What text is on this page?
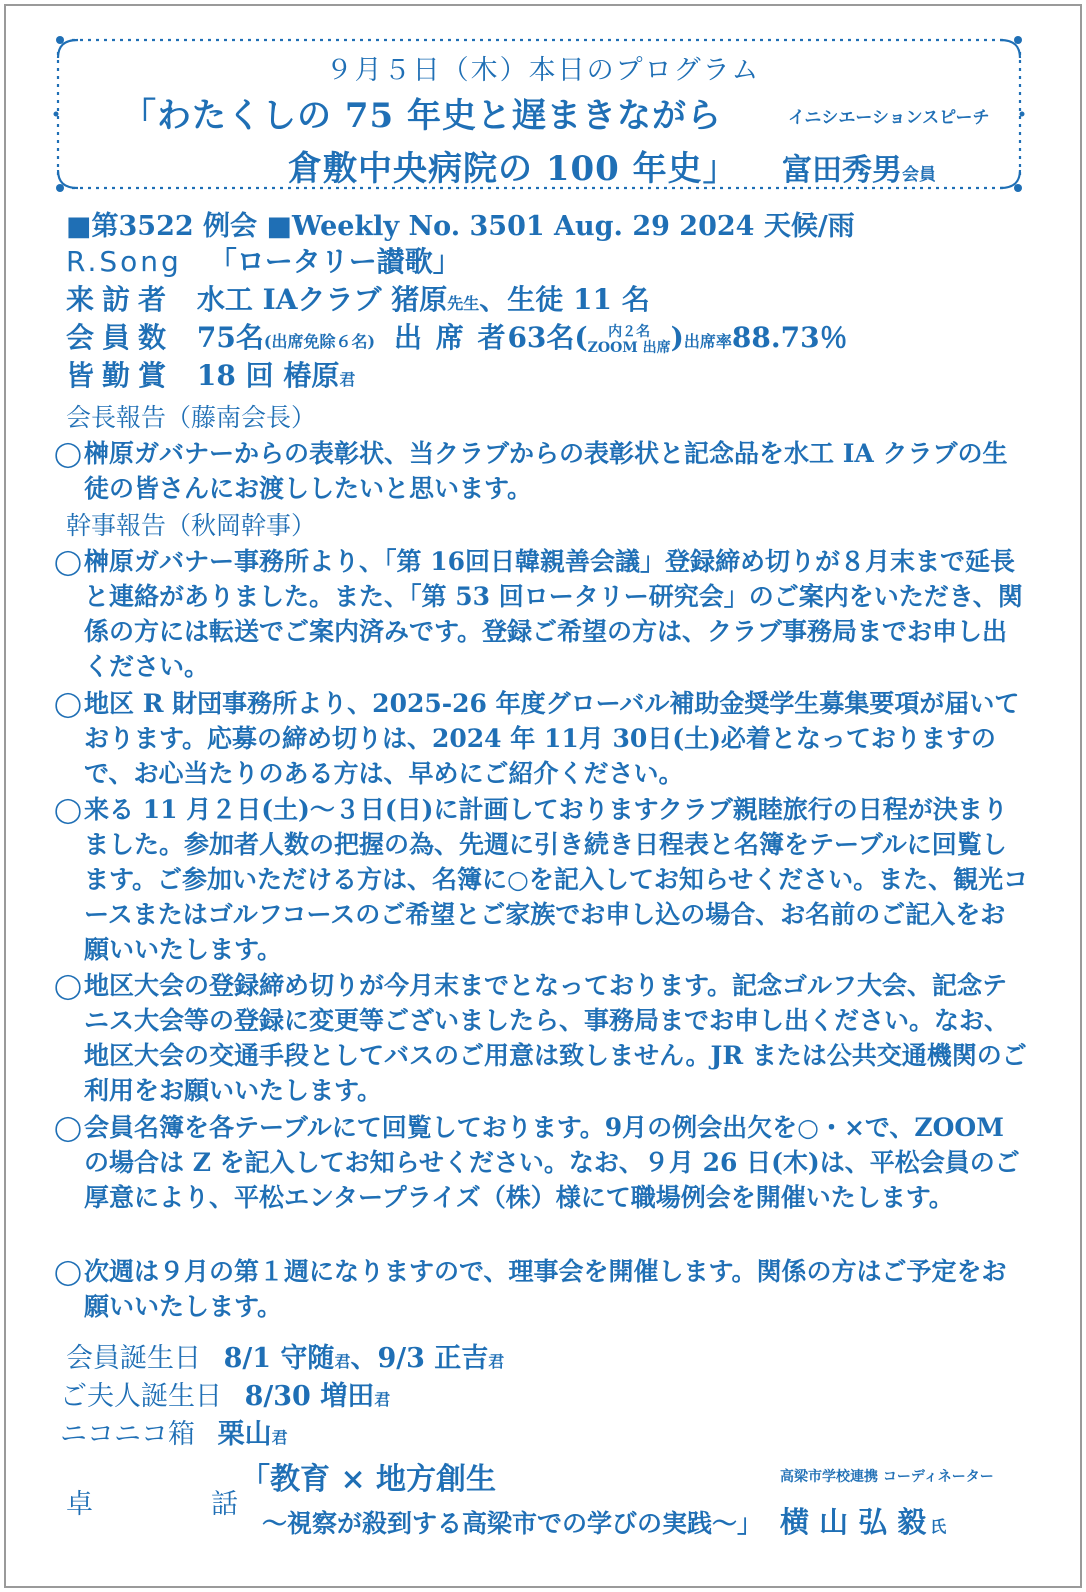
９月５日（木）本日のプログラム
「わたくしの 75 年史と遅まきながら
倉敷中央病院の 100 年史」
イニシエーションスピーチ
富田秀男会員
■第3522 例会 ■Weekly No. 3501 Aug. 29 2024 天候/雨
R.Song 「ロータリー讃歌」
来訪者 水工 IAクラブ 猪原先生、生徒 11 名
会員数 75名(出席免除６名) 出 席 者63名( 内２名
ZOOM 出席)出席率88.73％
皆勤賞 18 回 椿原君
会長報告（藤南会長）
◯ 榊原ガバナーからの表彰状、当クラブからの表彰状と記念品を水工 IA クラブの生徒の皆さんにお渡ししたいと思います。
幹事報告（秋岡幹事）
◯ 榊原ガバナー事務所より、「第 16回日韓親善会議」登録締め切りが８月末まで延長と連絡がありました。また、「第 53 回ロータリー研究会」のご案内をいただき、関係の方には転送でご案内済みです。登録ご希望の方は、クラブ事務局までお申し出ください。
◯ 地区 R 財団事務所より、2025-26 年度グローバル補助金奨学生募集要項が届いております。応募の締め切りは、2024 年 11月 30日(土)必着となっておりますので、お心当たりのある方は、早めにご紹介ください。
◯ 来る 11 月２日(土)～３日(日)に計画しておりますクラブ親睦旅行の日程が決まりました。参加者人数の把握の為、先週に引き続き日程表と名簿をテーブルに回覧します。ご参加いただける方は、名簿に○を記入してお知らせください。また、観光コースまたはゴルフコースのご希望とご家族でお申し込の場合、お名前のご記入をお願いいたします。
◯ 地区大会の登録締め切りが今月末までとなっております。記念ゴルフ大会、記念テニス大会等の登録に変更等ございましたら、事務局までお申し出ください。なお、地区大会の交通手段としてバスのご用意は致しません。JR または公共交通機関のご利用をお願いいたします。
◯ 会員名簿を各テーブルにて回覧しております。9月の例会出欠を○・×で、ZOOM の場合は Z を記入してお知らせください。なお、９月 26 日(木)は、平松会員のご厚意により、平松エンタープライズ（株）様にて職場例会を開催いたします。
◯ 次週は９月の第１週になりますので、理事会を開催します。関係の方はご予定をお願いいたします。
会員誕生日 8/1 守随君、9/3 正吉君
ご夫人誕生日 8/30 増田君
ニコニコ箱 栗山君
卓	話
「教育 × 地方創生
～視察が殺到する高梁市での学びの実践～」
高梁市学校連携 コーディネーター
横 山 弘 毅 氏
